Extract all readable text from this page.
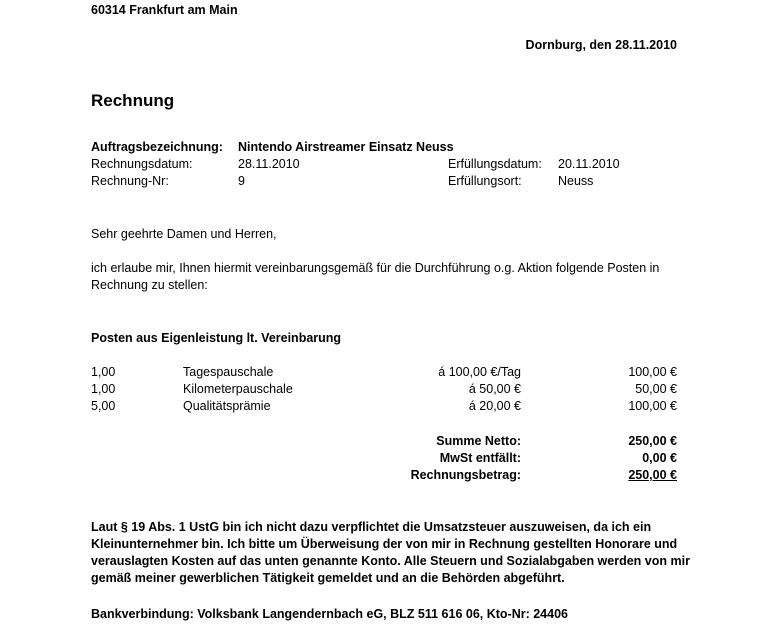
60314 Frankfurt am Main
Dornburg, den 28.11.2010
Rechnung
Auftragsbezeichnung: Nintendo Airstreamer Einsatz Neuss
Rechnungsdatum:	28.11.2010	Erfüllungsdatum: 20.11.2010
Rechnung-Nr:	9	Erfüllungsort:	Neuss
Sehr geehrte Damen und Herren,
ich erlaube mir, Ihnen hiermit vereinbarungsgemäß für die Durchführung o.g. Aktion folgende Posten in Rechnung zu stellen:
Posten aus Eigenleistung lt. Vereinbarung
1,00	Tagespauschale	á 100,00 €/Tag	100,00 €
1,00	Kilometerpauschale	á 50,00 €	50,00 €
5,00	Qualitätsprämie	á 20,00 €	100,00 €
Summe Netto:	250,00 €
MwSt entfällt:	0,00 €
Rechnungsbetrag:	250,00 €
Laut § 19 Abs. 1 UstG bin ich nicht dazu verpflichtet die Umsatzsteuer auszuweisen, da ich ein Kleinunternehmer bin. Ich bitte um Überweisung der von mir in Rechnung gestellten Honorare und verauslagten Kosten auf das unten genannte Konto. Alle Steuern und Sozialabgaben werden von mir gemäß meiner gewerblichen Tätigkeit gemeldet und an die Behörden abgeführt.
Bankverbindung: Volksbank Langendernbach eG, BLZ 511 616 06, Kto-Nr: 24406
